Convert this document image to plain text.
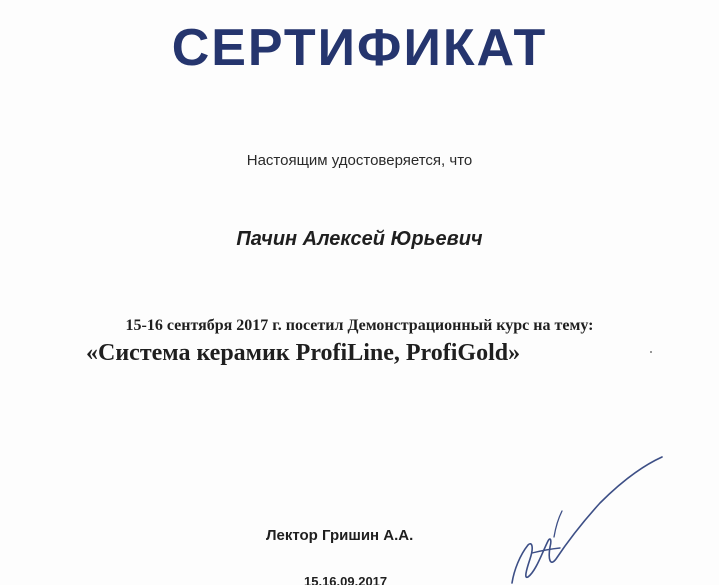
СЕРТИФИКАТ
Настоящим удостоверяется, что
Пачин Алексей Юрьевич
15-16 сентября 2017 г. посетил Демонстрационный курс на тему:
«Система керамик ProfiLine, ProfiGold»
Лектор Гришин А.А.
15.16.09.2017
